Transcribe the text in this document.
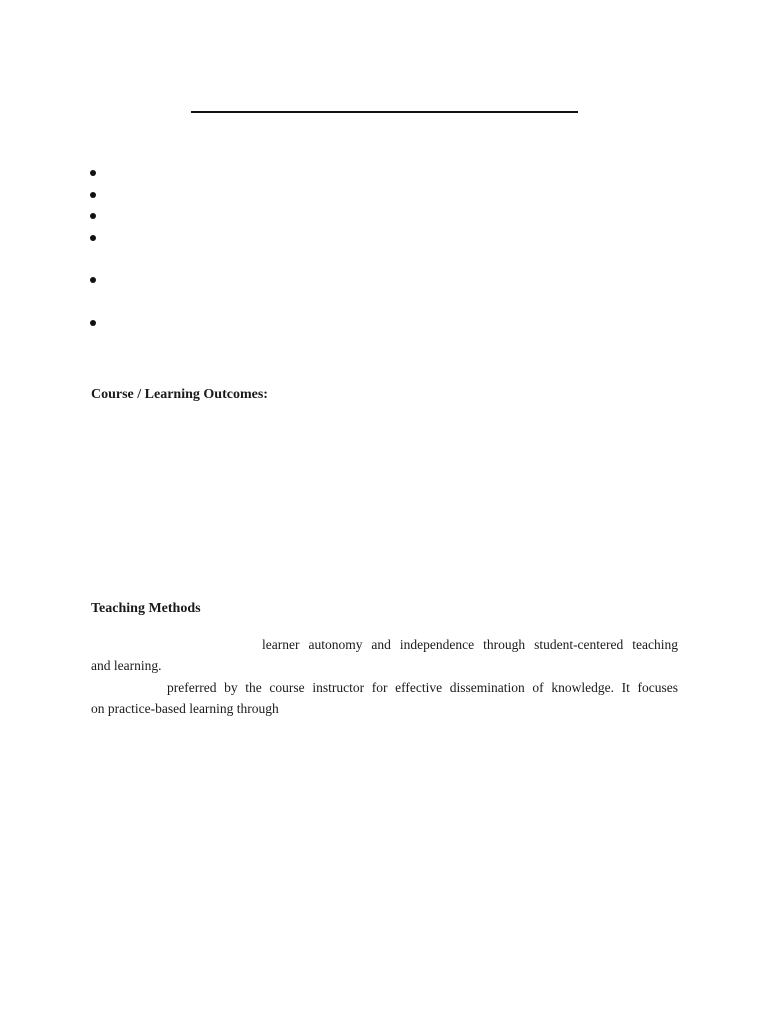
Course / Learning Outcomes:
Teaching Methods
learner autonomy and independence through student-centered teaching
and learning.
preferred by the course instructor for effective dissemination of knowledge. It focuses
on practice-based learning through
